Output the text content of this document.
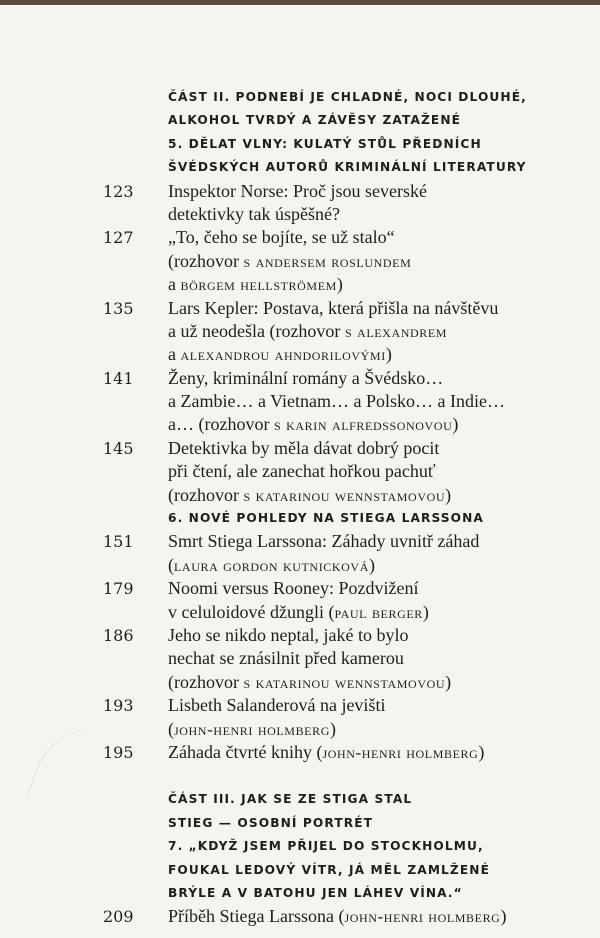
ČÁST II. PODNEBÍ JE CHLADNÉ, NOCI DLOUHÉ,
ALKOHOL TVRDÝ A ZÁVĚSY ZATAŽENÉ
5. DĚLAT VLNY: KULATÝ STŮL PŘEDNÍCH
ŠVÉDSKÝCH AUTORŮ KRIMINÁLNÍ LITERATURY
123 Inspektor Norse: Proč jsou severské
detektivky tak úspěšné?
127 „To, čeho se bojíte, se už stalo“
(rozhovor s andersem roslundem
a börgem hellströmem)
135 Lars Kepler: Postava, která přišla na návštěvu
a už neodešla (rozhovor s alexandrem
a alexandrou ahndorilovými)
141 Ženy, kriminální romány a Švédsko…
a Zambie… a Vietnam… a Polsko… a Indie…
a… (rozhovor s karin alfredssonovou)
145 Detektivka by měla dávat dobrý pocit
při čtení, ale zanechat hořkou pachuť
(rozhovor s katarinou wennstamovou)
6. NOVÉ POHLEDY NA STIEGA LARSSONA
151 Smrt Stiega Larssona: Záhady uvnitř záhad
(laura gordon kutnicková)
179 Noomi versus Rooney: Pozdvižení
v celuloidové džungli (paul berger)
186 Jeho se nikdo neptal, jaké to bylo
nechat se znásilnit před kamerou
(rozhovor s katarinou wennstamovou)
193 Lisbeth Salanderová na jevišti
(john-henri holmberg)
195 Záhada čtvrté knihy (john-henri holmberg)
ČÁST III. JAK SE ZE STIGA STAL
STIEG — OSOBNÍ PORTRÉT
7. „KDYŽ JSEM PŘIJEL DO STOCKHOLMU,
FOUKAL LEDOVÝ VÍTR, JÁ MĚL ZAMLŽENÉ
BRÝLE A V BATOHU JEN LÁHEV VÍNA.“
209 Příběh Stiega Larssona (john-henri holmberg)
